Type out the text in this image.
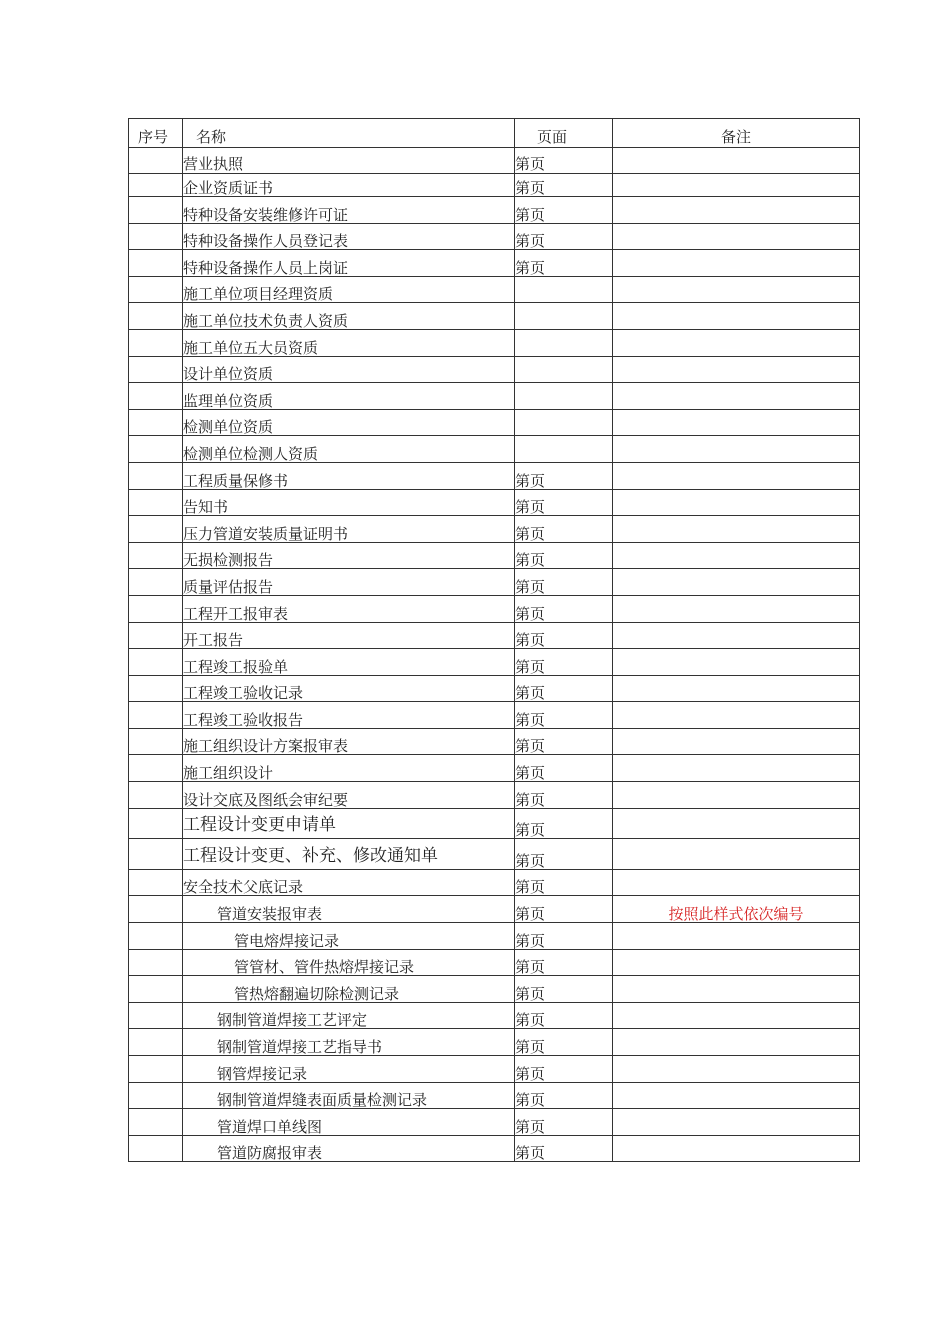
序号	名称	页面	备注
	营业执照	第页	
	企业资质证书	第页	
	特种设备安装维修许可证	第页	
	特种设备操作人员登记表	第页	
	特种设备操作人员上岗证	第页	
	施工单位项目经理资质		
	施工单位技术负责人资质		
	施工单位五大员资质		
	设计单位资质		
	监理单位资质		
	检测单位资质		
	检测单位检测人资质		
	工程质量保修书	第页	
	告知书	第页	
	压力管道安装质量证明书	第页	
	无损检测报告	第页	
	质量评估报告	第页	
	工程开工报审表	第页	
	开工报告	第页	
	工程竣工报验单	第页	
	工程竣工验收记录	第页	
	工程竣工验收报告	第页	
	施工组织设计方案报审表	第页	
	施工组织设计	第页	
	设计交底及图纸会审纪要	第页	
	工程设计变更申请单	第页	
	工程设计变更、补充、修改通知单	第页	
	安全技术父底记录	第页	
	管道安装报审表	第页	按照此样式依次编号
	管电熔焊接记录	第页	
	管管材、管件热熔焊接记录	第页	
	管热熔翻遍切除检测记录	第页	
	钢制管道焊接工艺评定	第页	
	钢制管道焊接工艺指导书	第页	
	钢管焊接记录	第页	
	钢制管道焊缝表面质量检测记录	第页	
	管道焊口单线图	第页	
	管道防腐报审表	第页	
